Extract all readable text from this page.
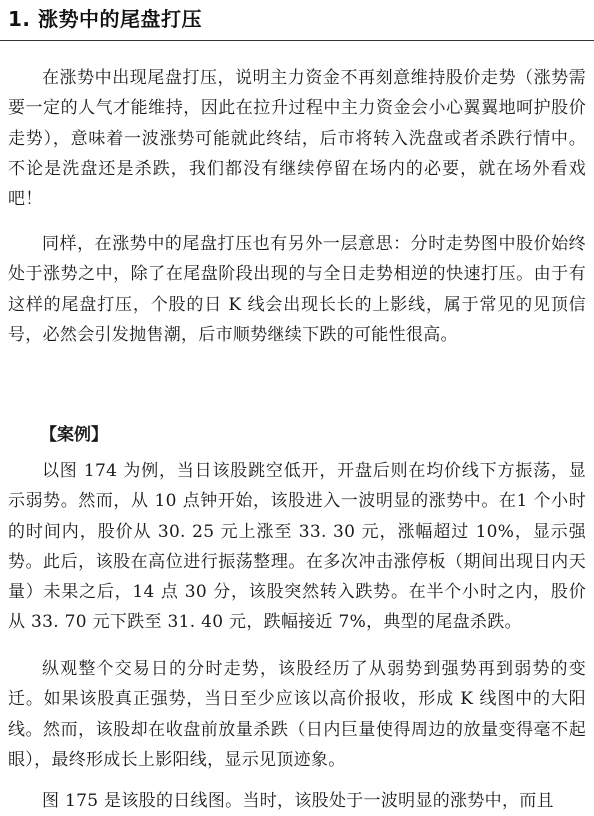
1. 涨势中的尾盘打压

在涨势中出现尾盘打压，说明主力资金不再刻意维持股价走势（涨势需要一定的人气才能维持，因此在拉升过程中主力资金会小心翼翼地呵护股价走势），意味着一波涨势可能就此终结，后市将转入洗盘或者杀跌行情中。不论是洗盘还是杀跌，我们都没有继续停留在场内的必要，就在场外看戏吧！

同样，在涨势中的尾盘打压也有另外一层意思：分时走势图中股价始终处于涨势之中，除了在尾盘阶段出现的与全日走势相逆的快速打压。由于有这样的尾盘打压，个股的日 K 线会出现长长的上影线，属于常见的见顶信号，必然会引发抛售潮，后市顺势继续下跌的可能性很高。

【案例】

以图 174 为例，当日该股跳空低开，开盘后则在均价线下方振荡，显示弱势。然而，从 10 点钟开始，该股进入一波明显的涨势中。在1 个小时的时间内，股价从 30. 25 元上涨至 33. 30 元，涨幅超过 10%，显示强势。此后，该股在高位进行振荡整理。在多次冲击涨停板（期间出现日内天量）未果之后，14 点 30 分，该股突然转入跌势。在半个小时之内，股价从 33. 70 元下跌至 31. 40 元，跌幅接近 7%，典型的尾盘杀跌。

纵观整个交易日的分时走势，该股经历了从弱势到强势再到弱势的变迁。如果该股真正强势，当日至少应该以高价报收，形成 K 线图中的大阳线。然而，该股却在收盘前放量杀跌（日内巨量使得周边的放量变得毫不起眼），最终形成长上影阳线，显示见顶迹象。

图 175 是该股的日线图。当时，该股处于一波明显的涨势中，而且
